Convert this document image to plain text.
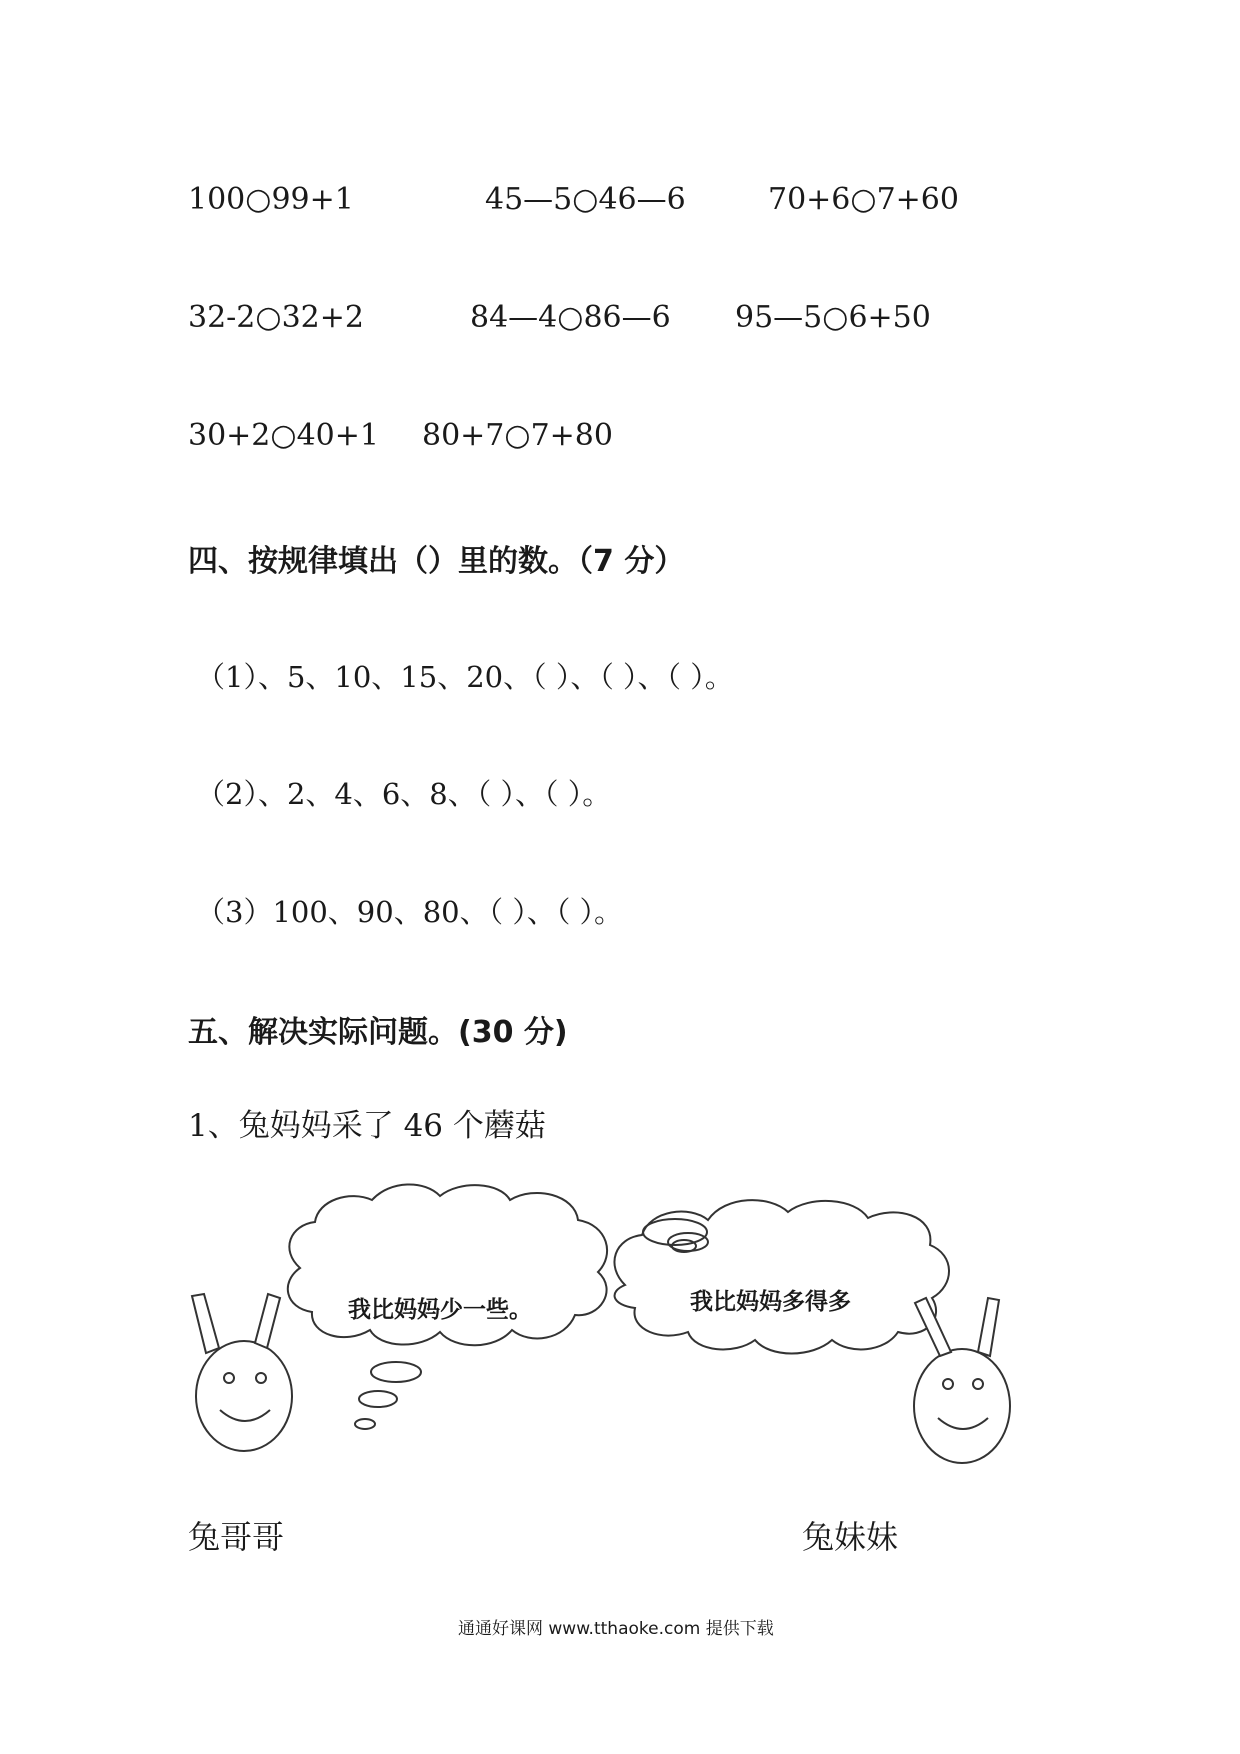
100○99+1	45—5○46—6	70+6○7+60
32-2○32+2	84—4○86—6 95—5○6+50
30+2○40+1 80+7○7+80
四、按规律填出（）里的数。（7 分）
（1）、5、10、15、20、（ ）、（ ）、（ ）。
（2）、2、4、6、8、（ ）、（ ）。
（3）100、90、80、（ ）、（ ）。
五、解决实际问题。(30 分)
1、兔妈妈采了 46 个蘑菇
我比妈妈少一些。	我比妈妈多得多
兔哥哥	兔妹妹
通通好课网 www.tthaoke.com 提供下载
